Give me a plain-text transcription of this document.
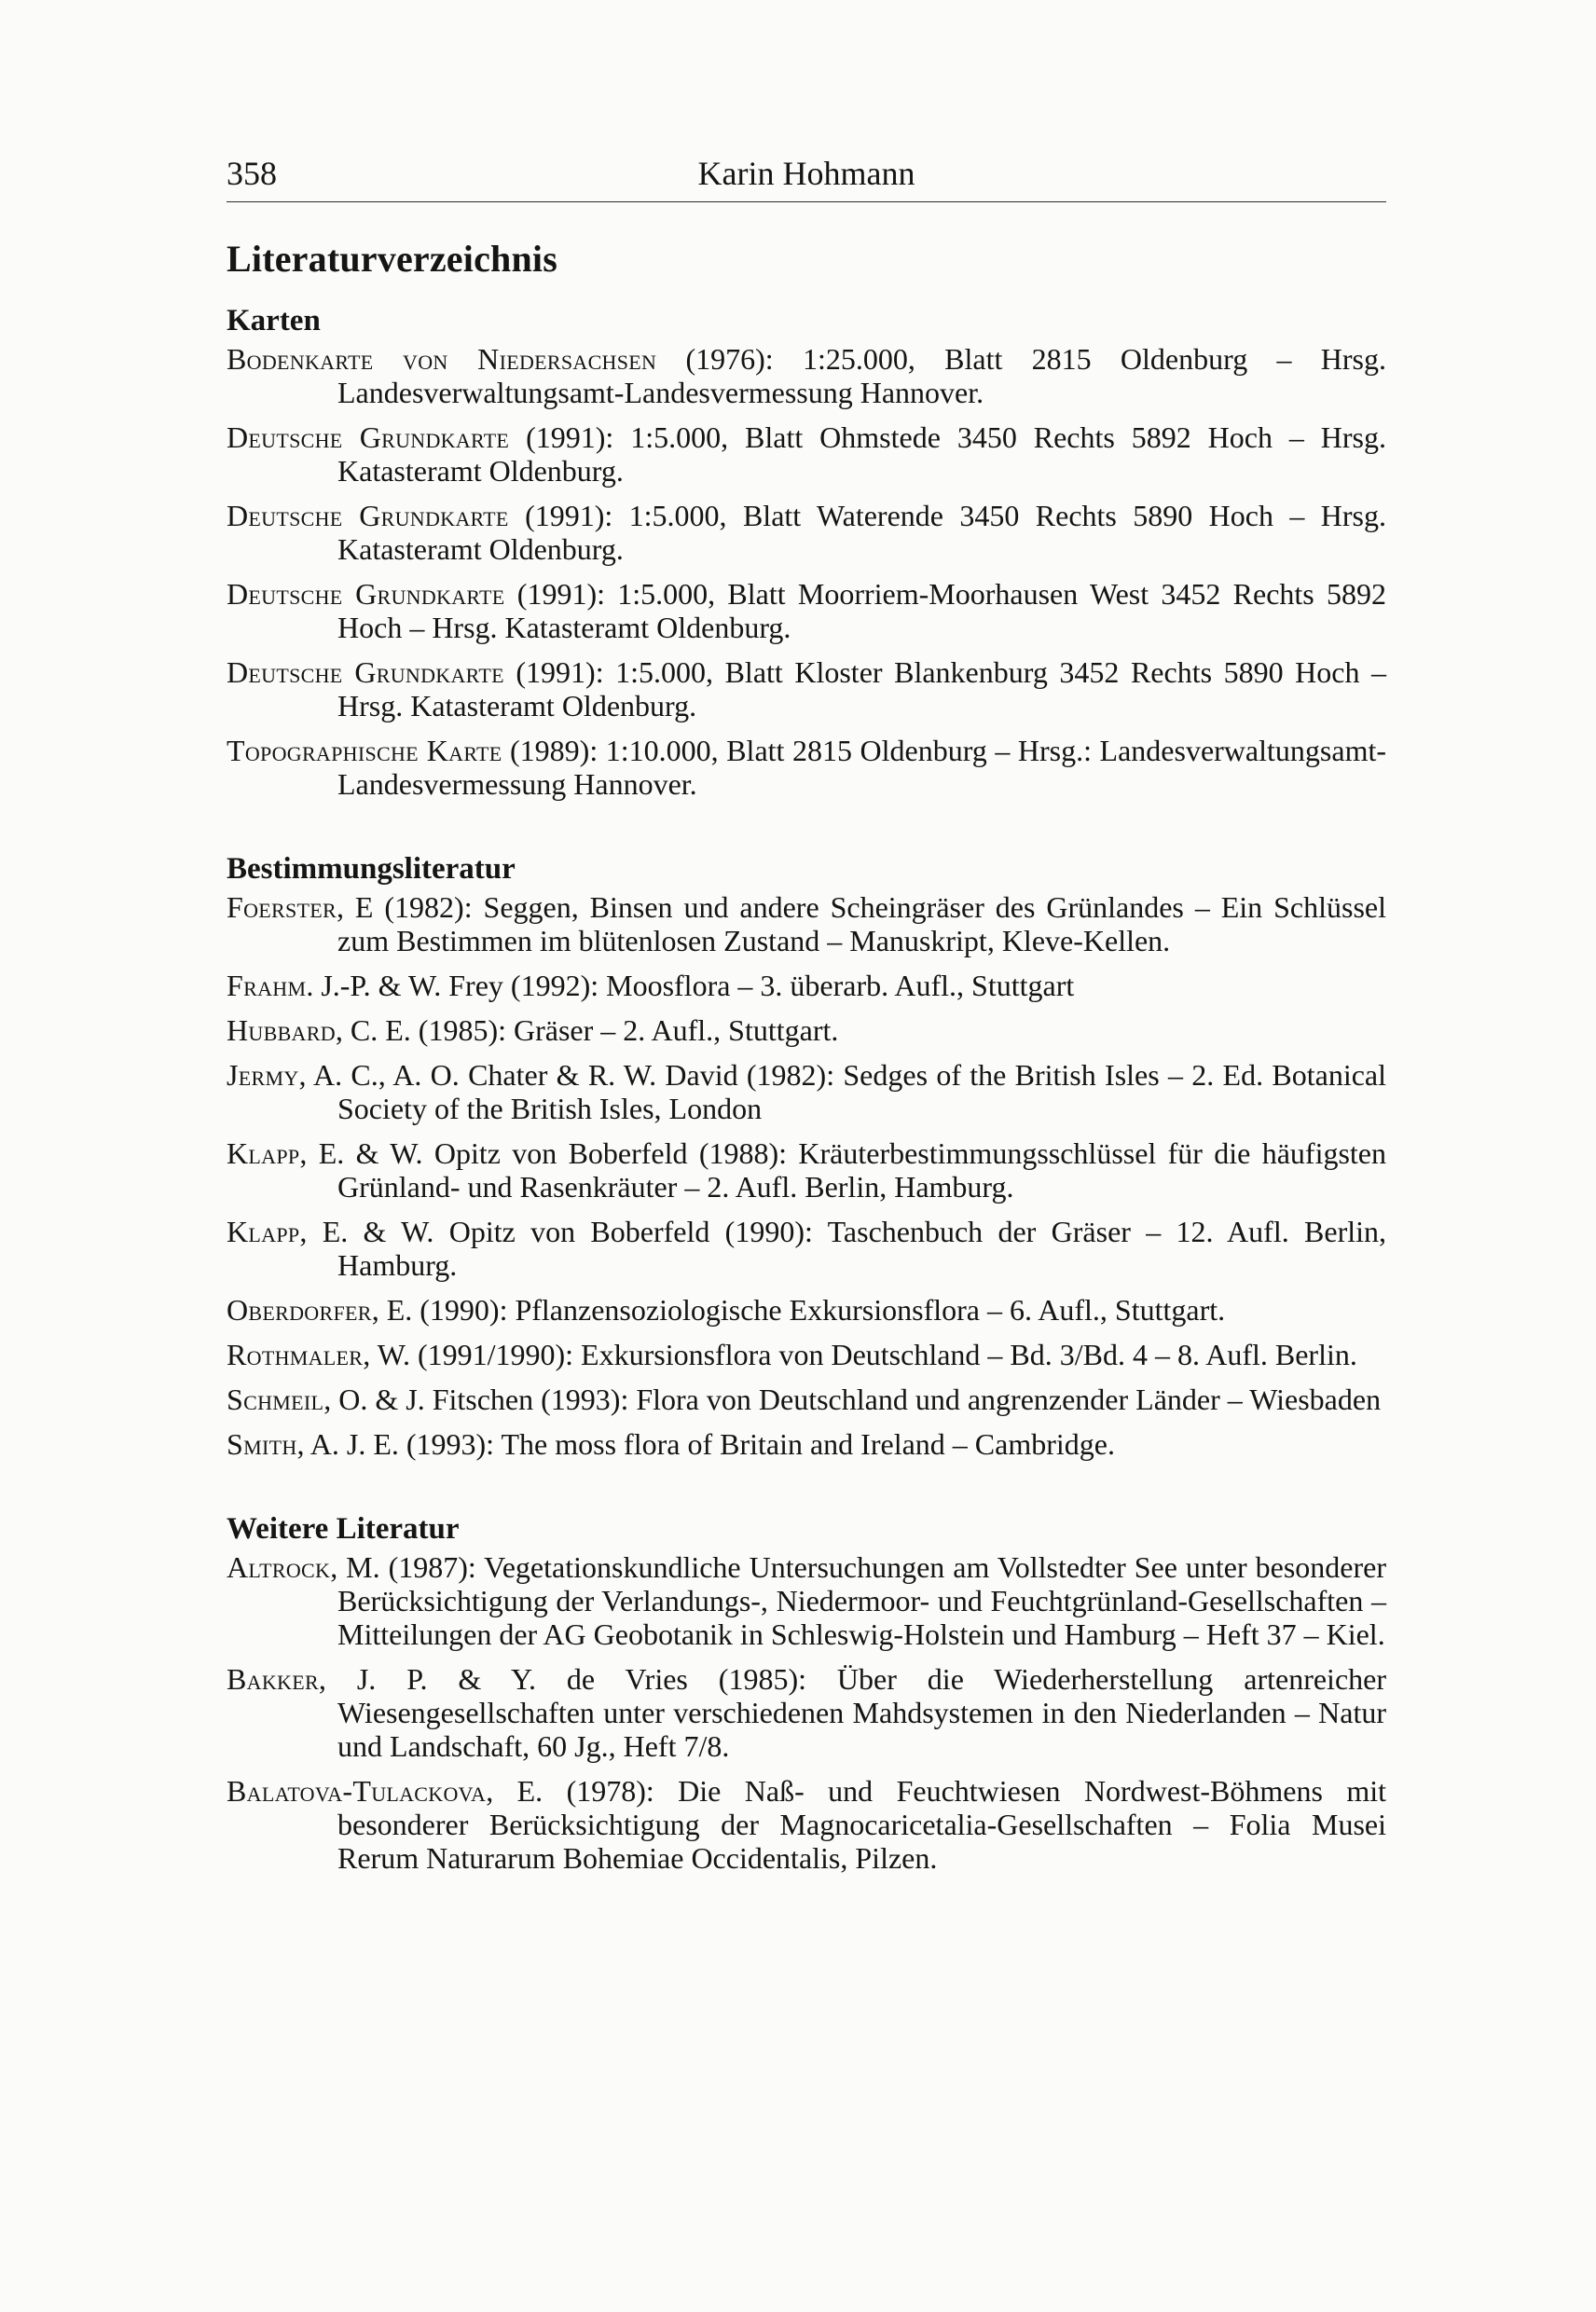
358	Karin Hohmann
Literaturverzeichnis
Karten
Bodenkarte von Niedersachsen (1976): 1:25.000, Blatt 2815 Oldenburg – Hrsg. Landesverwaltungsamt-Landesvermessung Hannover.
Deutsche Grundkarte (1991): 1:5.000, Blatt Ohmstede 3450 Rechts 5892 Hoch – Hrsg. Katasteramt Oldenburg.
Deutsche Grundkarte (1991): 1:5.000, Blatt Waterende 3450 Rechts 5890 Hoch – Hrsg. Katasteramt Oldenburg.
Deutsche Grundkarte (1991): 1:5.000, Blatt Moorriem-Moorhausen West 3452 Rechts 5892 Hoch – Hrsg. Katasteramt Oldenburg.
Deutsche Grundkarte (1991): 1:5.000, Blatt Kloster Blankenburg 3452 Rechts 5890 Hoch – Hrsg. Katasteramt Oldenburg.
Topographische Karte (1989): 1:10.000, Blatt 2815 Oldenburg – Hrsg.: Landesverwaltungsamt-Landesvermessung Hannover.
Bestimmungsliteratur
Foerster, E (1982): Seggen, Binsen und andere Scheingräser des Grünlandes – Ein Schlüssel zum Bestimmen im blütenlosen Zustand – Manuskript, Kleve-Kellen.
Frahm. J.-P. & W. Frey (1992): Moosflora – 3. überarb. Aufl., Stuttgart
Hubbard, C. E. (1985): Gräser – 2. Aufl., Stuttgart.
Jermy, A. C., A. O. Chater & R. W. David (1982): Sedges of the British Isles – 2. Ed. Botanical Society of the British Isles, London
Klapp, E. & W. Opitz von Boberfeld (1988): Kräuterbestimmungsschlüssel für die häufigsten Grünland- und Rasenkräuter – 2. Aufl. Berlin, Hamburg.
Klapp, E. & W. Opitz von Boberfeld (1990): Taschenbuch der Gräser – 12. Aufl. Berlin, Hamburg.
Oberdorfer, E. (1990): Pflanzensoziologische Exkursionsflora – 6. Aufl., Stuttgart.
Rothmaler, W. (1991/1990): Exkursionsflora von Deutschland – Bd. 3/Bd. 4 – 8. Aufl. Berlin.
Schmeil, O. & J. Fitschen (1993): Flora von Deutschland und angrenzender Länder – Wiesbaden
Smith, A. J. E. (1993): The moss flora of Britain and Ireland – Cambridge.
Weitere Literatur
Altrock, M. (1987): Vegetationskundliche Untersuchungen am Vollstedter See unter besonderer Berücksichtigung der Verlandungs-, Niedermoor- und Feuchtgrünland-Gesellschaften – Mitteilungen der AG Geobotanik in Schleswig-Holstein und Hamburg – Heft 37 – Kiel.
Bakker, J. P. & Y. de Vries (1985): Über die Wiederherstellung artenreicher Wiesengesellschaften unter verschiedenen Mahdsystemen in den Niederlanden – Natur und Landschaft, 60 Jg., Heft 7/8.
Balatova-Tulackova, E. (1978): Die Naß- und Feuchtwiesen Nordwest-Böhmens mit besonderer Berücksichtigung der Magnocaricetalia-Gesellschaften – Folia Musei Rerum Naturarum Bohemiae Occidentalis, Pilzen.
